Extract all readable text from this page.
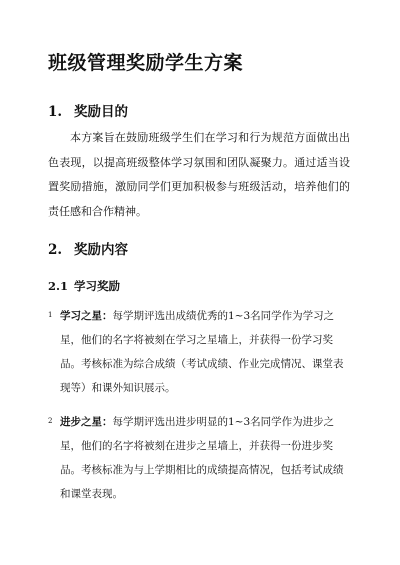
班级管理奖励学生方案
1. 奖励目的
本方案旨在鼓励班级学生们在学习和行为规范方面做出出色表现，以提高班级整体学习氛围和团队凝聚力。通过适当设置奖励措施，激励同学们更加积极参与班级活动，培养他们的责任感和合作精神。
2. 奖励内容
2.1 学习奖励
1 学习之星：每学期评选出成绩优秀的1~3名同学作为学习之星，他们的名字将被刻在学习之星墙上，并获得一份学习奖品。考核标准为综合成绩（考试成绩、作业完成情况、课堂表现等）和课外知识展示。
2 进步之星：每学期评选出进步明显的1~3名同学作为进步之星，他们的名字将被刻在进步之星墙上，并获得一份进步奖品。考核标准为与上学期相比的成绩提高情况，包括考试成绩和课堂表现。
